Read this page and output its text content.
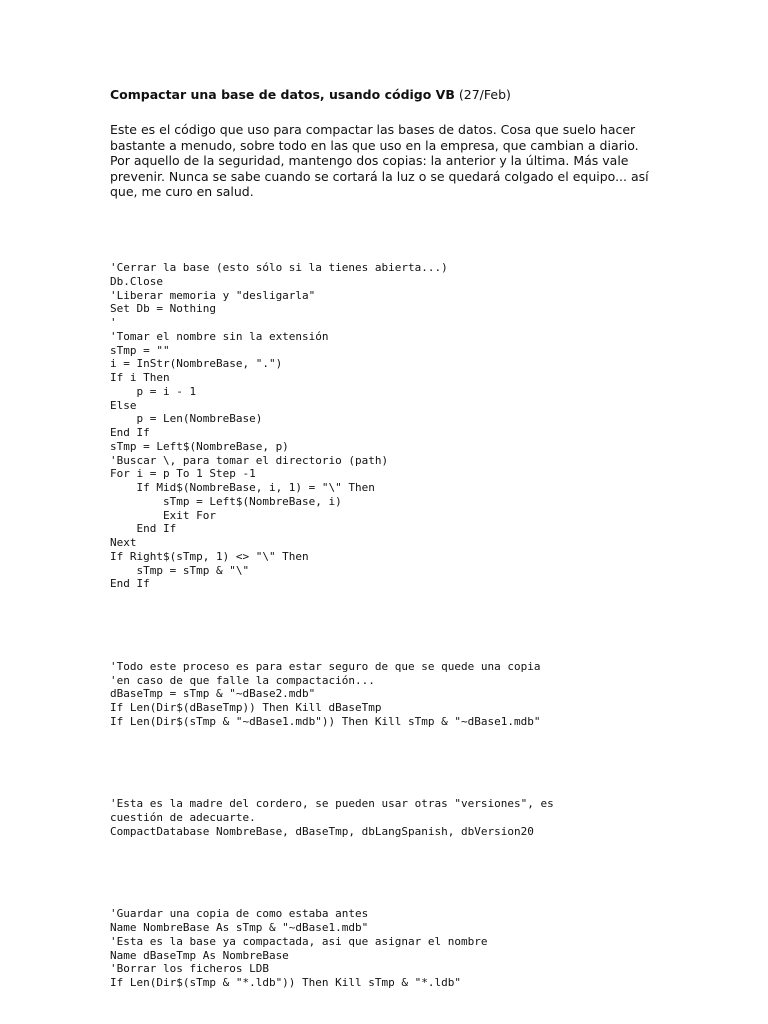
Compactar una base de datos, usando código VB (27/Feb)

Este es el código que uso para compactar las bases de datos. Cosa que suelo hacer bastante a menudo, sobre todo en las que uso en la empresa, que cambian a diario.

Por aquello de la seguridad, mantengo dos copias: la anterior y la última. Más vale prevenir. Nunca se sabe cuando se cortará la luz o se quedará colgado el equipo... así que, me curo en salud.

'Cerrar la base (esto sólo si la tienes abierta...)
Db.Close
'Liberar memoria y "desligarla"
Set Db = Nothing
'
'Tomar el nombre sin la extensión
sTmp = ""
i = InStr(NombreBase, ".")
If i Then
p = i - 1
Else
p = Len(NombreBase)
End If
sTmp = Left$(NombreBase, p)
'Buscar \, para tomar el directorio (path)
For i = p To 1 Step -1
If Mid$(NombreBase, i, 1) = "\" Then
sTmp = Left$(NombreBase, i)
Exit For
End If
Next
If Right$(sTmp, 1) <> "\" Then
sTmp = sTmp & "\"
End If

'Todo este proceso es para estar seguro de que se quede una copia
'en caso de que falle la compactación...
dBaseTmp = sTmp & "~dBase2.mdb"
If Len(Dir$(dBaseTmp)) Then Kill dBaseTmp
If Len(Dir$(sTmp & "~dBase1.mdb")) Then Kill sTmp & "~dBase1.mdb"

'Esta es la madre del cordero, se pueden usar otras "versiones", es
cuestión de adecuarte.
CompactDatabase NombreBase, dBaseTmp, dbLangSpanish, dbVersion20

'Guardar una copia de como estaba antes
Name NombreBase As sTmp & "~dBase1.mdb"
'Esta es la base ya compactada, asi que asignar el nombre
Name dBaseTmp As NombreBase
'Borrar los ficheros LDB
If Len(Dir$(sTmp & "*.ldb")) Then Kill sTmp & "*.ldb"
